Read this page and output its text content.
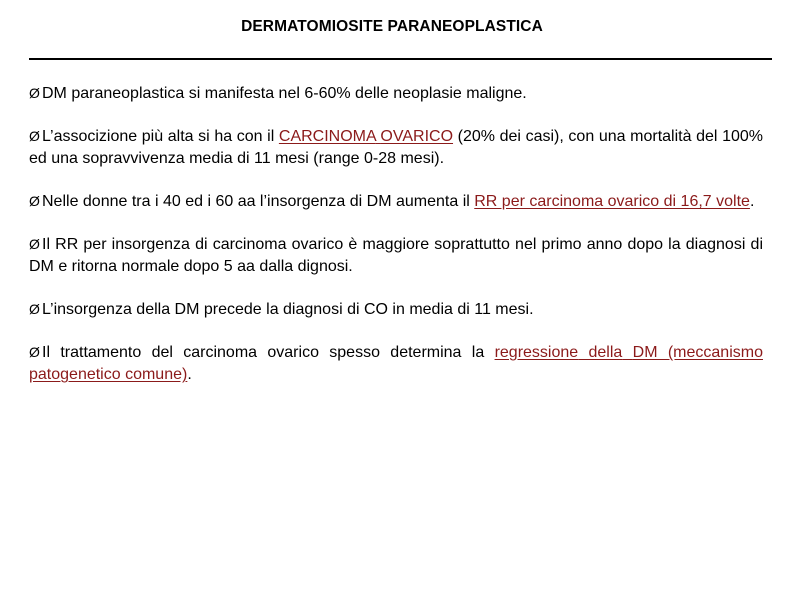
DERMATOMIOSITE PARANEOPLASTICA

Ø DM paraneoplastica si manifesta nel 6-60% delle neoplasie maligne.

Ø L’associzione più alta si ha con il CARCINOMA OVARICO (20% dei casi), con una mortalità del 100% ed una sopravvivenza media di 11 mesi (range 0-28 mesi).

Ø Nelle donne tra i 40 ed i 60 aa l’insorgenza di DM aumenta il RR per carcinoma ovarico di 16,7 volte.

Ø Il RR per insorgenza di carcinoma ovarico è maggiore soprattutto nel primo anno dopo la diagnosi di DM e ritorna normale dopo 5 aa dalla dignosi.

Ø L’insorgenza della DM precede la diagnosi di CO in media di 11 mesi.

Ø Il trattamento del carcinoma ovarico spesso determina la regressione della DM (meccanismo patogenetico comune).
